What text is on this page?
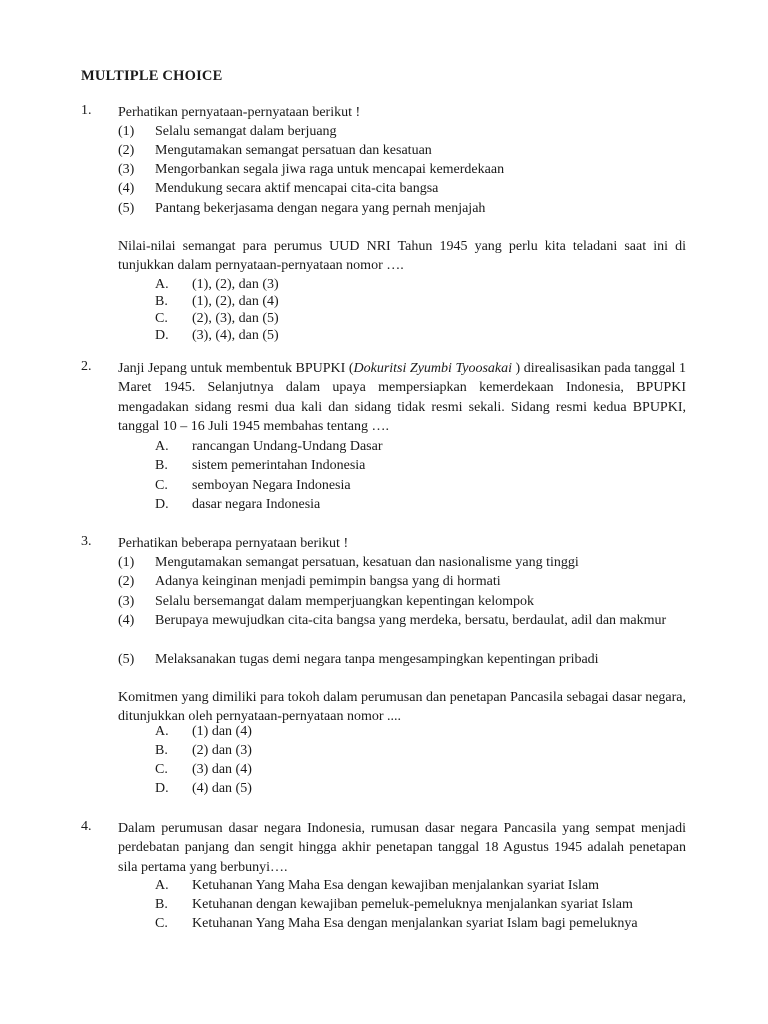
MULTIPLE CHOICE
1. Perhatikan pernyataan-pernyataan berikut !
(1) Selalu semangat dalam berjuang
(2) Mengutamakan semangat persatuan dan kesatuan
(3) Mengorbankan segala jiwa raga untuk mencapai kemerdekaan
(4) Mendukung secara aktif mencapai cita-cita bangsa
(5) Pantang bekerjasama dengan negara yang pernah menjajah
Nilai-nilai semangat para perumus UUD NRI Tahun 1945 yang perlu kita teladani saat ini di tunjukkan dalam pernyataan-pernyataan nomor ….
A. (1), (2), dan (3)
B. (1), (2), dan (4)
C. (2), (3), dan (5)
D. (3), (4), dan (5)
2. Janji Jepang untuk membentuk BPUPKI (Dokuritsi Zyumbi Tyoosakai ) direalisasikan pada tanggal 1 Maret 1945. Selanjutnya dalam upaya mempersiapkan kemerdekaan Indonesia, BPUPKI mengadakan sidang resmi dua kali dan sidang tidak resmi sekali. Sidang resmi kedua BPUPKI, tanggal 10 – 16 Juli 1945 membahas tentang ….
A. rancangan Undang-Undang Dasar
B. sistem pemerintahan Indonesia
C. semboyan Negara Indonesia
D. dasar negara Indonesia
3. Perhatikan beberapa pernyataan berikut !
(1) Mengutamakan semangat persatuan, kesatuan dan nasionalisme yang tinggi
(2) Adanya keinginan menjadi pemimpin bangsa yang di hormati
(3) Selalu bersemangat dalam memperjuangkan kepentingan kelompok
(4) Berupaya mewujudkan cita-cita bangsa yang merdeka, bersatu, berdaulat, adil dan makmur
(5) Melaksanakan tugas demi negara tanpa mengesampingkan kepentingan pribadi
Komitmen yang dimiliki para tokoh dalam perumusan dan penetapan Pancasila sebagai dasar negara, ditunjukkan oleh pernyataan-pernyataan nomor ....
A. (1) dan (4)
B. (2) dan (3)
C. (3) dan (4)
D. (4) dan (5)
4. Dalam perumusan dasar negara Indonesia, rumusan dasar negara Pancasila yang sempat menjadi perdebatan panjang dan sengit hingga akhir penetapan tanggal 18 Agustus 1945 adalah penetapan sila pertama yang berbunyi….
A. Ketuhanan Yang Maha Esa dengan kewajiban menjalankan syariat Islam
B. Ketuhanan dengan kewajiban pemeluk-pemeluknya menjalankan syariat Islam
C. Ketuhanan Yang Maha Esa dengan menjalankan syariat Islam bagi pemeluknya
